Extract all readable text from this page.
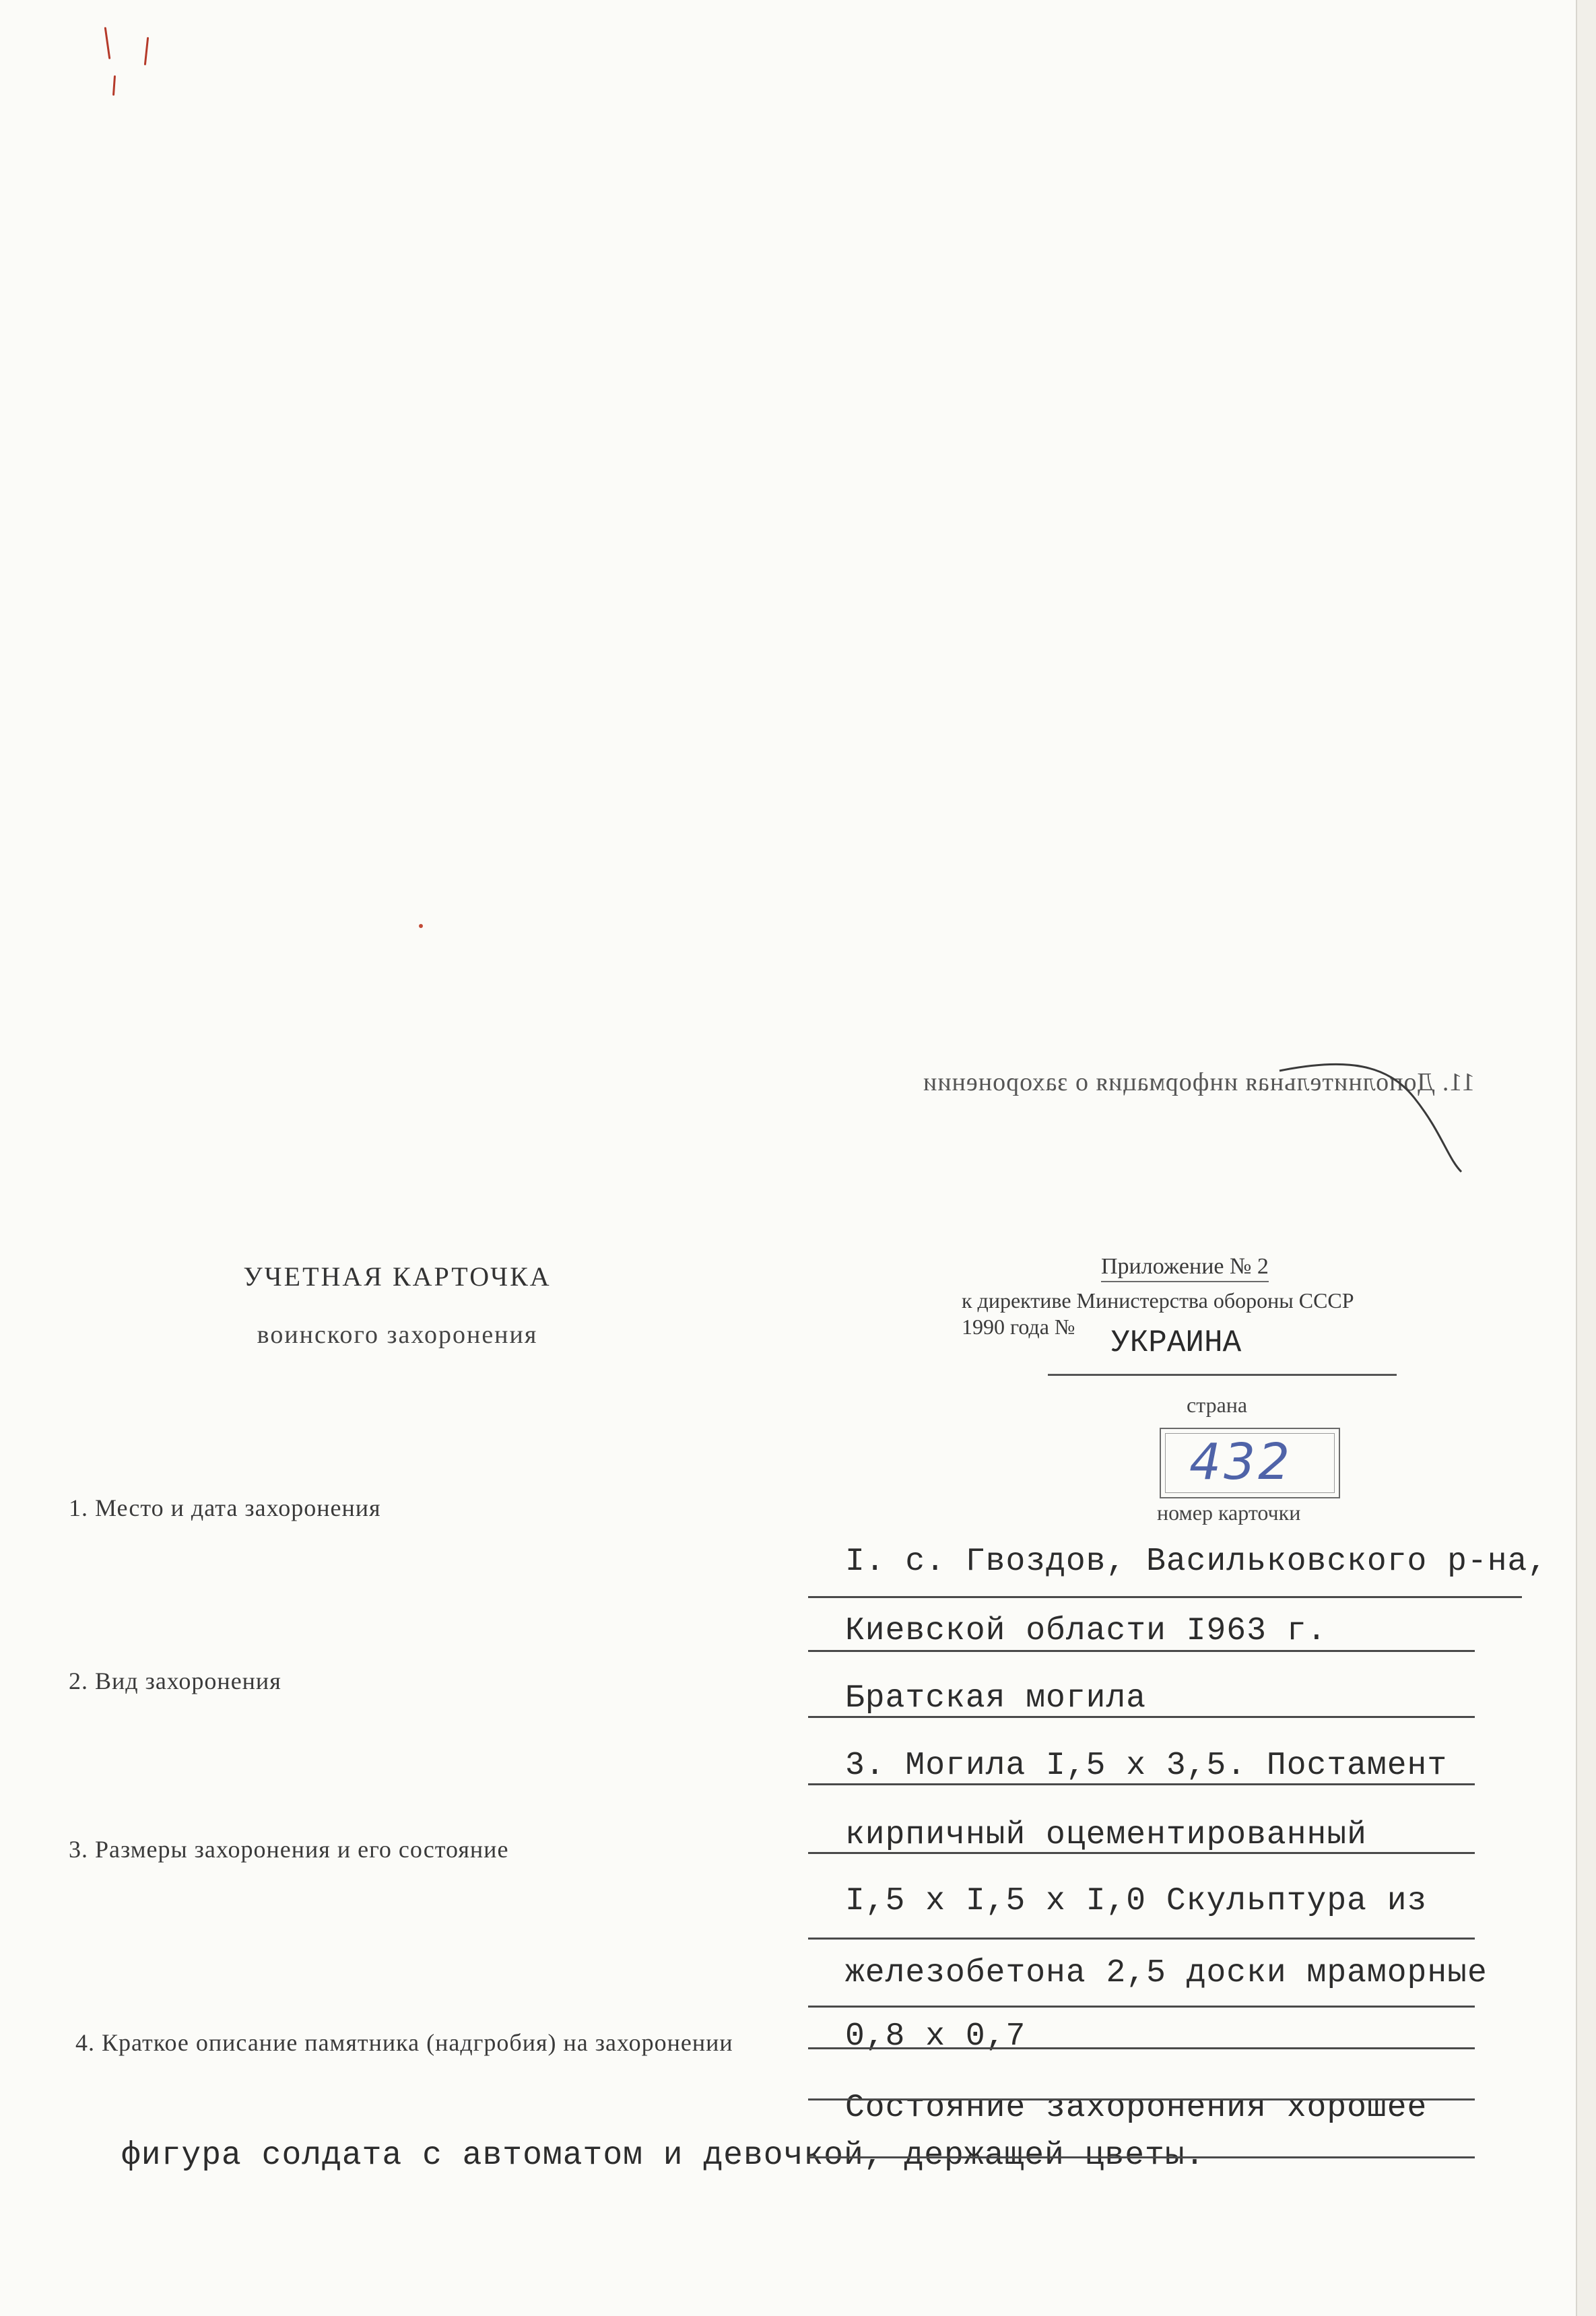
11. Дополнительная информация о захоронении
УЧЕТНАЯ КАРТОЧКА
воинского захоронения
Приложение № 2
к директиве Министерства обороны СССР
1990 года № УКРАИНА
страна
432
номер карточки
1. Место и дата захоронения
2. Вид захоронения
3. Размеры захоронения и его состояние
4. Краткое описание памятника (надгробия) на захоронении
I. с. Гвоздов, Васильковского р-на,
Киевской области I963 г.
Братская могила
3. Могила I,5 х 3,5. Постамент
кирпичный оцементированный
I,5 х I,5 х I,0 Скульптура из
железобетона 2,5 доски мраморные
0,8 х 0,7
Состояние захоронения хорошее
фигура солдата с автоматом и девочкой, держащей цветы.
